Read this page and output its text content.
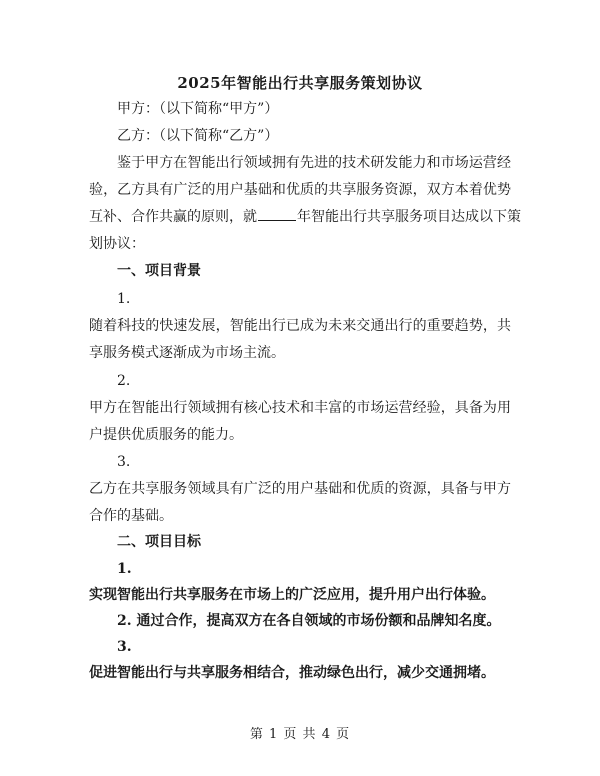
2025年智能出行共享服务策划协议
甲方：（以下简称“甲方”）
乙方：（以下简称“乙方”）
鉴于甲方在智能出行领域拥有先进的技术研发能力和市场运营经
验，乙方具有广泛的用户基础和优质的共享服务资源，双方本着优势
互补、合作共赢的原则，就	年智能出行共享服务项目达成以下策
划协议：
一、项目背景
1.
随着科技的快速发展，智能出行已成为未来交通出行的重要趋势，共
享服务模式逐渐成为市场主流。
2.
甲方在智能出行领域拥有核心技术和丰富的市场运营经验，具备为用
户提供优质服务的能力。
3.
乙方在共享服务领域具有广泛的用户基础和优质的资源，具备与甲方
合作的基础。
二、项目目标
1.
实现智能出行共享服务在市场上的广泛应用，提升用户出行体验。
2. 通过合作，提高双方在各自领域的市场份额和品牌知名度。
3.
促进智能出行与共享服务相结合，推动绿色出行，减少交通拥堵。
第 1 页 共 4 页
